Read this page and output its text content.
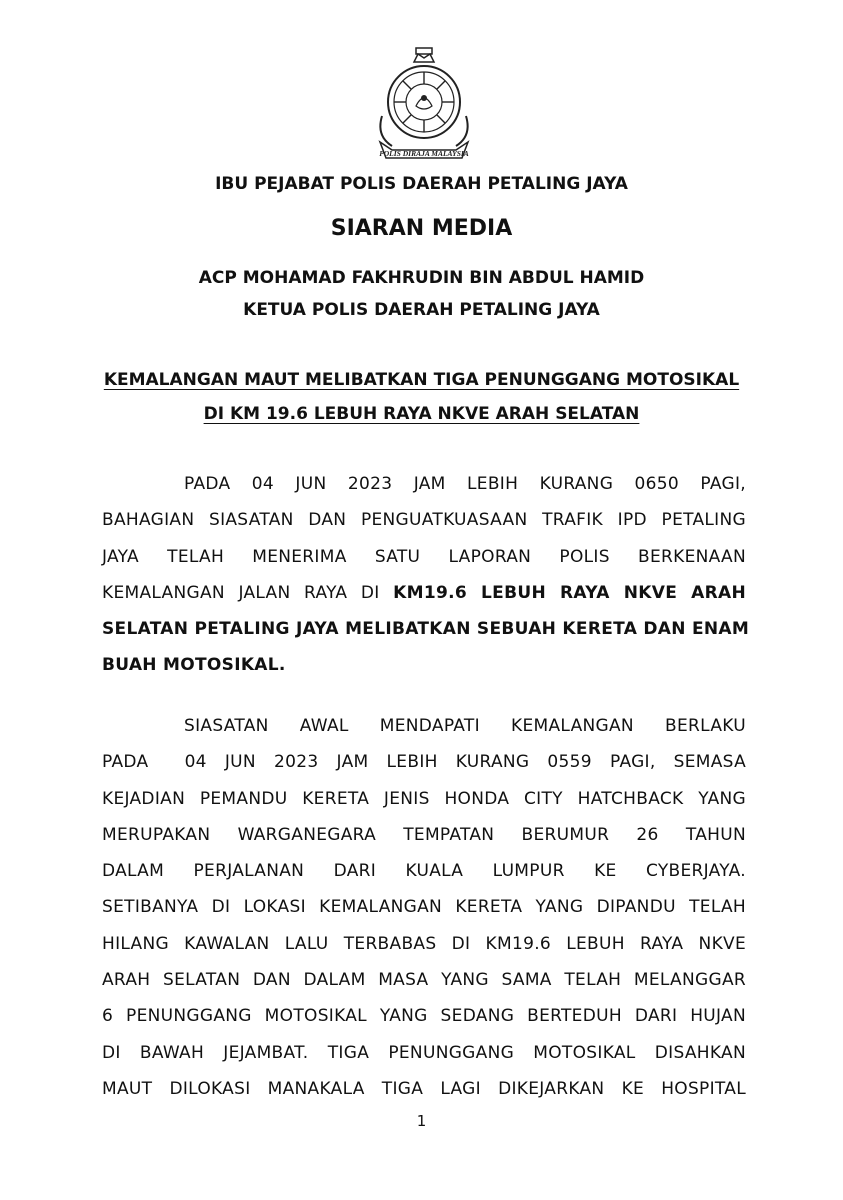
POLIS DIRAJA MALAYSIA
IBU PEJABAT POLIS DAERAH PETALING JAYA
SIARAN MEDIA
ACP MOHAMAD FAKHRUDIN BIN ABDUL HAMID
KETUA POLIS DAERAH PETALING JAYA
KEMALANGAN MAUT MELIBATKAN TIGA PENUNGGANG MOTOSIKAL
DI KM 19.6 LEBUH RAYA NKVE ARAH SELATAN
PADA 04 JUN 2023 JAM LEBIH KURANG 0650 PAGI,
BAHAGIAN SIASATAN DAN PENGUATKUASAAN TRAFIK IPD PETALING
JAYA TELAH MENERIMA SATU LAPORAN POLIS BERKENAAN
KEMALANGAN JALAN RAYA DI KM19.6 LEBUH RAYA NKVE ARAH
SELATAN PETALING JAYA MELIBATKAN SEBUAH KERETA DAN ENAM
BUAH MOTOSIKAL.
SIASATAN AWAL MENDAPATI KEMALANGAN BERLAKU
PADA  04 JUN 2023 JAM LEBIH KURANG 0559 PAGI, SEMASA
KEJADIAN PEMANDU KERETA JENIS HONDA CITY HATCHBACK YANG
MERUPAKAN WARGANEGARA TEMPATAN BERUMUR 26 TAHUN
DALAM PERJALANAN DARI KUALA LUMPUR KE CYBERJAYA.
SETIBANYA DI LOKASI KEMALANGAN KERETA YANG DIPANDU TELAH
HILANG KAWALAN LALU TERBABAS DI KM19.6 LEBUH RAYA NKVE
ARAH SELATAN DAN DALAM MASA YANG SAMA TELAH MELANGGAR
6 PENUNGGANG MOTOSIKAL YANG SEDANG BERTEDUH DARI HUJAN
DI BAWAH JEJAMBAT. TIGA PENUNGGANG MOTOSIKAL DISAHKAN
MAUT DILOKASI MANAKALA TIGA LAGI DIKEJARKAN KE HOSPITAL
1
